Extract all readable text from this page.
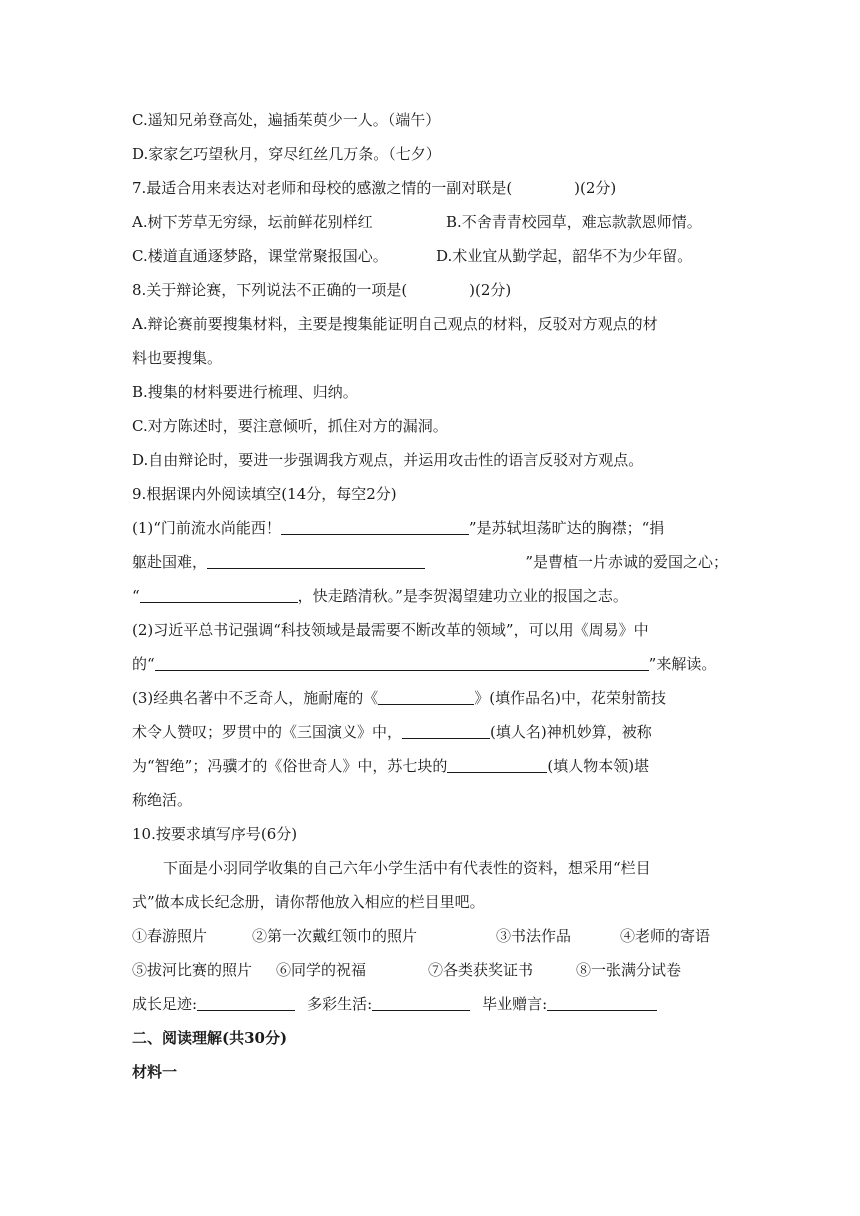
C.遥知兄弟登高处，遍插茱萸少一人。（端午）
D.家家乞巧望秋月，穿尽红丝几万条。（七夕）
7.最适合用来表达对老师和母校的感激之情的一副对联是(	)(2分)
A.树下芳草无穷绿，坛前鲜花别样红	B.不舍青青校园草，难忘款款恩师情。
C.楼道直通逐梦路，课堂常聚报国心。	D.术业宜从勤学起，韶华不为少年留。
8.关于辩论赛，下列说法不正确的一项是(	)(2分)
A.辩论赛前要搜集材料，主要是搜集能证明自己观点的材料，反驳对方观点的材
料也要搜集。
B.搜集的材料要进行梳理、归纳。
C.对方陈述时，要注意倾听，抓住对方的漏洞。
D.自由辩论时，要进一步强调我方观点，并运用攻击性的语言反驳对方观点。
9.根据课内外阅读填空(14分，每空2分)
(1)“门前流水尚能西！	”是苏轼坦荡旷达的胸襟；“捐
躯赴国难，	”是曹植一片赤诚的爱国之心；
“	，快走踏清秋。”是李贺渴望建功立业的报国之志。
(2)习近平总书记强调“科技领域是最需要不断改革的领域”，可以用《周易》中
的“	”来解读。
(3)经典名著中不乏奇人，施耐庵的《	》(填作品名)中，花荣射箭技
术令人赞叹；罗贯中的《三国演义》中，	(填人名)神机妙算，被称
为“智绝”；冯骥才的《俗世奇人》中，苏七块的	(填人物本领)堪
称绝活。
10.按要求填写序号(6分)
下面是小羽同学收集的自己六年小学生活中有代表性的资料，想采用“栏目
式”做本成长纪念册，请你帮他放入相应的栏目里吧。
①春游照片	②第一次戴红领巾的照片	③书法作品	④老师的寄语
⑤拔河比赛的照片 ⑥同学的祝福	⑦各类获奖证书	⑧一张满分试卷
成长足迹:	多彩生活:	毕业赠言:
二、阅读理解(共30分)
材料一
